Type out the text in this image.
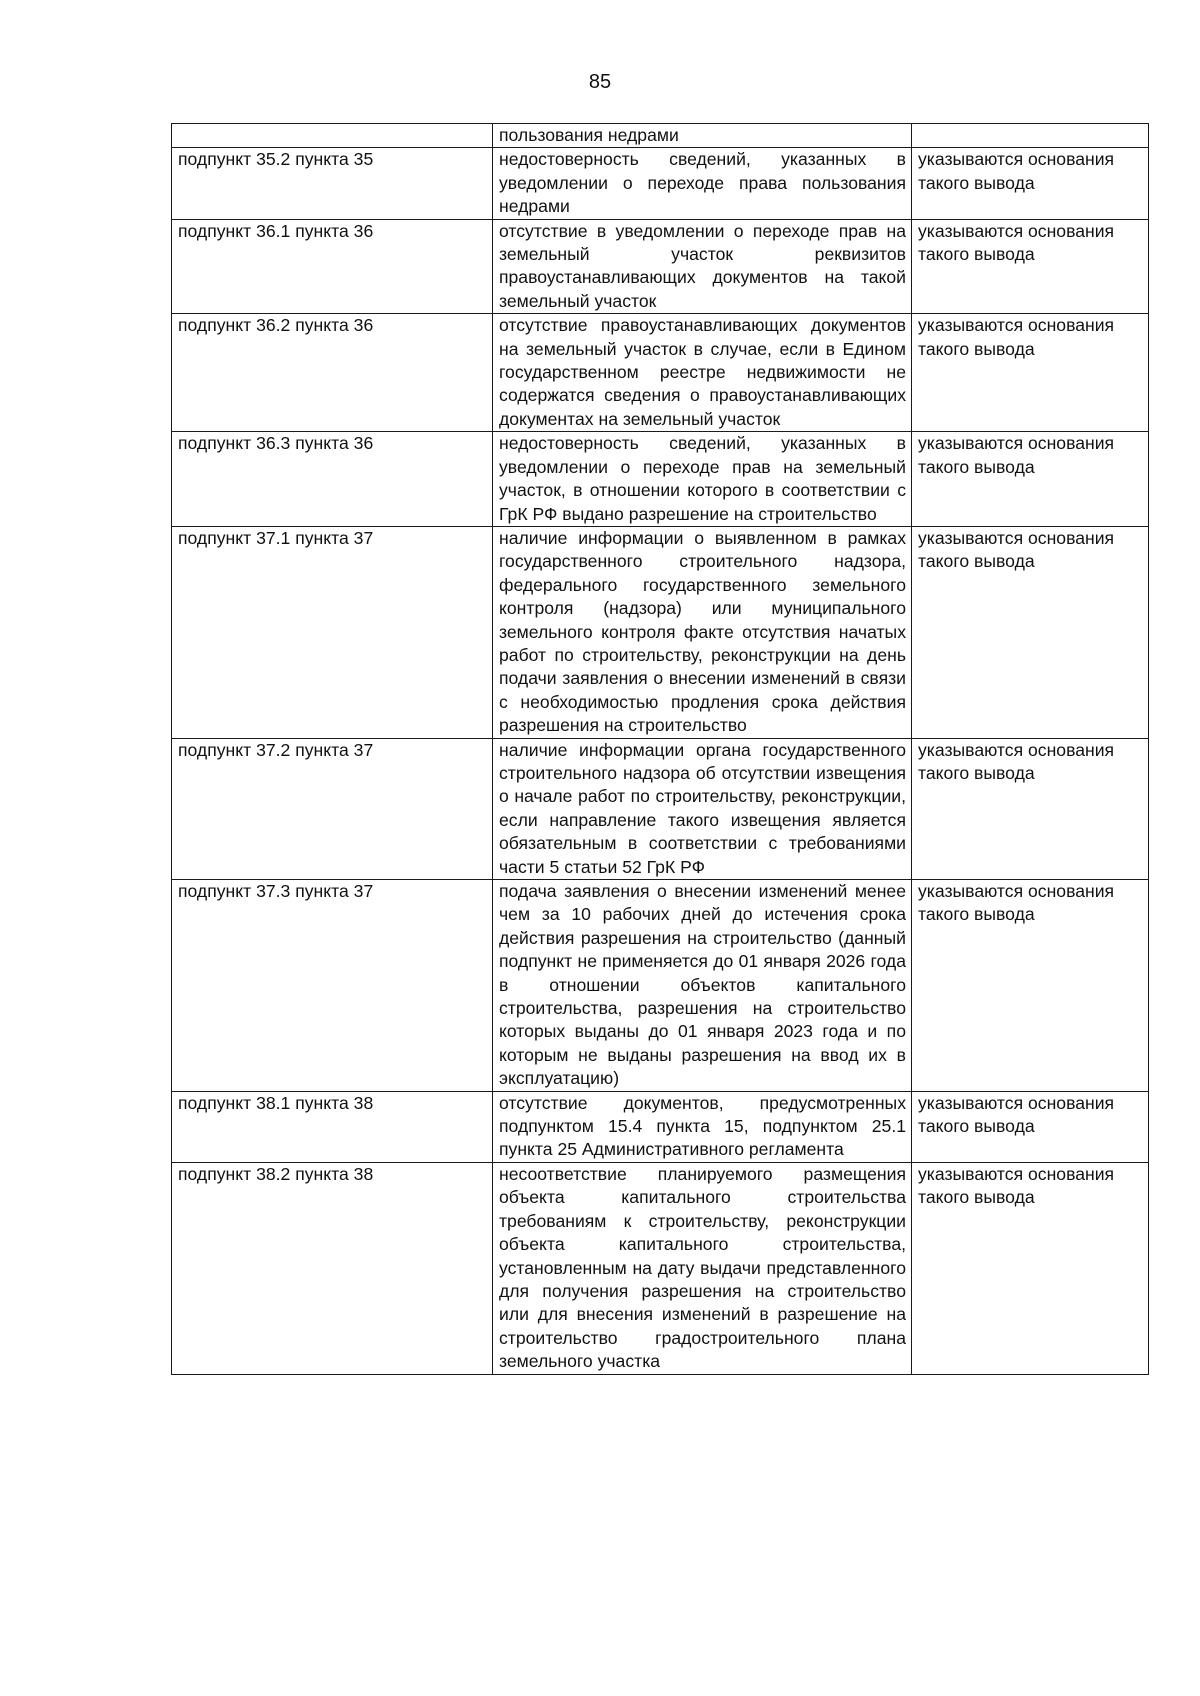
85
	пользования недрами	
подпункт 35.2 пункта 35	недостоверность сведений, указанных в уведомлении о переходе права пользования недрами	указываются основания такого вывода
подпункт 36.1 пункта 36	отсутствие в уведомлении о переходе прав на земельный участок реквизитов правоустанавливающих документов на такой земельный участок	указываются основания такого вывода
подпункт 36.2 пункта 36	отсутствие правоустанавливающих документов на земельный участок в случае, если в Едином государственном реестре недвижимости не содержатся сведения о правоустанавливающих документах на земельный участок	указываются основания такого вывода
подпункт 36.3 пункта 36	недостоверность сведений, указанных в уведомлении о переходе прав на земельный участок, в отношении которого в соответствии с ГрК РФ выдано разрешение на строительство	указываются основания такого вывода
подпункт 37.1 пункта 37	наличие информации о выявленном в рамках государственного строительного надзора, федерального государственного земельного контроля (надзора) или муниципального земельного контроля факте отсутствия начатых работ по строительству, реконструкции на день подачи заявления о внесении изменений в связи с необходимостью продления срока действия разрешения на строительство	указываются основания такого вывода
подпункт 37.2 пункта 37	наличие информации органа государственного строительного надзора об отсутствии извещения о начале работ по строительству, реконструкции, если направление такого извещения является обязательным в соответствии с требованиями части 5 статьи 52 ГрК РФ	указываются основания такого вывода
подпункт 37.3 пункта 37	подача заявления о внесении изменений менее чем за 10 рабочих дней до истечения срока действия разрешения на строительство (данный подпункт не применяется до 01 января 2026 года в отношении объектов капитального строительства, разрешения на строительство которых выданы до 01 января 2023 года и по которым не выданы разрешения на ввод их в эксплуатацию)	указываются основания такого вывода
подпункт 38.1 пункта 38	отсутствие документов, предусмотренных подпунктом 15.4 пункта 15, подпунктом 25.1 пункта 25 Административного регламента	указываются основания такого вывода
подпункт 38.2 пункта 38	несоответствие планируемого размещения объекта капитального строительства требованиям к строительству, реконструкции объекта капитального строительства, установленным на дату выдачи представленного для получения разрешения на строительство или для внесения изменений в разрешение на строительство градостроительного плана земельного участка	указываются основания такого вывода
